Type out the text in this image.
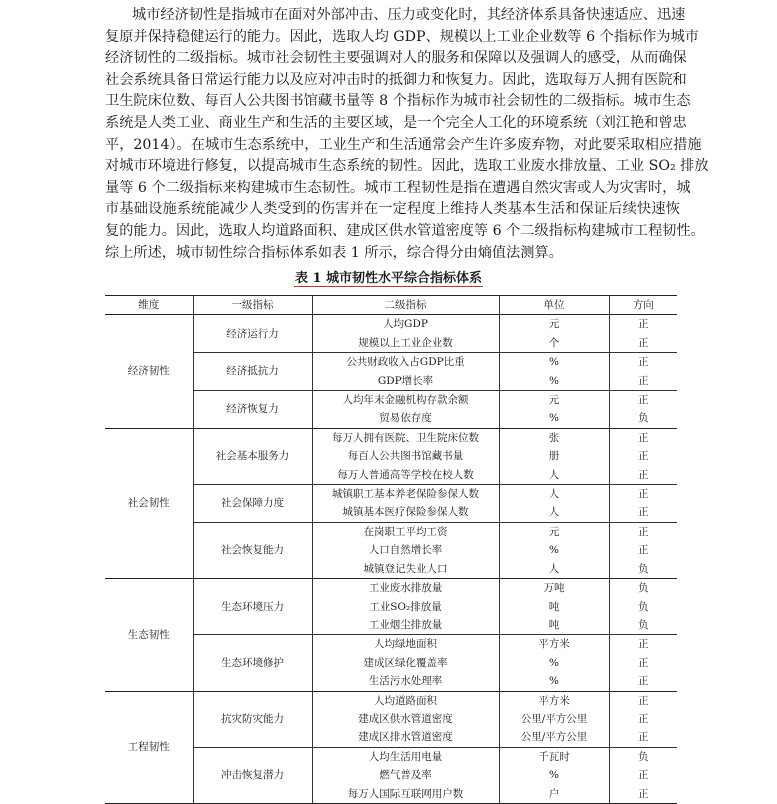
城市经济韧性是指城市在面对外部冲击、压力或变化时，其经济体系具备快速适应、迅速
复原并保持稳健运行的能力。因此，选取人均 GDP、规模以上工业企业数等 6 个指标作为城市
经济韧性的二级指标。城市社会韧性主要强调对人的服务和保障以及强调人的感受，从而确保
社会系统具备日常运行能力以及应对冲击时的抵御力和恢复力。因此，选取每万人拥有医院和
卫生院床位数、每百人公共图书馆藏书量等 8 个指标作为城市社会韧性的二级指标。城市生态
系统是人类工业、商业生产和生活的主要区域，是一个完全人工化的环境系统（刘江艳和曾忠
平，2014）。在城市生态系统中，工业生产和生活通常会产生许多废弃物，对此要采取相应措施
对城市环境进行修复，以提高城市生态系统的韧性。因此，选取工业废水排放量、工业 SO₂ 排放
量等 6 个二级指标来构建城市生态韧性。城市工程韧性是指在遭遇自然灾害或人为灾害时，城
市基础设施系统能减少人类受到的伤害并在一定程度上维持人类基本生活和保证后续快速恢
复的能力。因此，选取人均道路面积、建成区供水管道密度等 6 个二级指标构建城市工程韧性。
综上所述，城市韧性综合指标体系如表 1 所示，综合得分由熵值法测算。
表 1 城市韧性水平综合指标体系
维度	一级指标	二级指标	单位	方向
经济韧性	经济运行力	人均GDP	元	正
		规模以上工业企业数	个	正
	经济抵抗力	公共财政收入占GDP比重	%	正
		GDP增长率	%	正
	经济恢复力	人均年末金融机构存款余额	元	正
		贸易依存度	%	负
社会韧性	社会基本服务力	每万人拥有医院、卫生院床位数	张	正
		每百人公共图书馆藏书量	册	正
		每万人普通高等学校在校人数	人	正
	社会保障力度	城镇职工基本养老保险参保人数	人	正
		城镇基本医疗保险参保人数	人	正
	社会恢复能力	在岗职工平均工资	元	正
		人口自然增长率	%	正
		城镇登记失业人口	人	负
生态韧性	生态环境压力	工业废水排放量	万吨	负
		工业SO₂排放量	吨	负
		工业烟尘排放量	吨	负
	生态环境修护	人均绿地面积	平方米	正
		建成区绿化覆盖率	%	正
		生活污水处理率	%	正
工程韧性	抗灾防灾能力	人均道路面积	平方米	正
		建成区供水管道密度	公里/平方公里	正
		建成区排水管道密度	公里/平方公里	正
	冲击恢复潜力	人均生活用电量	千瓦时	负
		燃气普及率	%	正
		每万人国际互联网用户数	户	正
